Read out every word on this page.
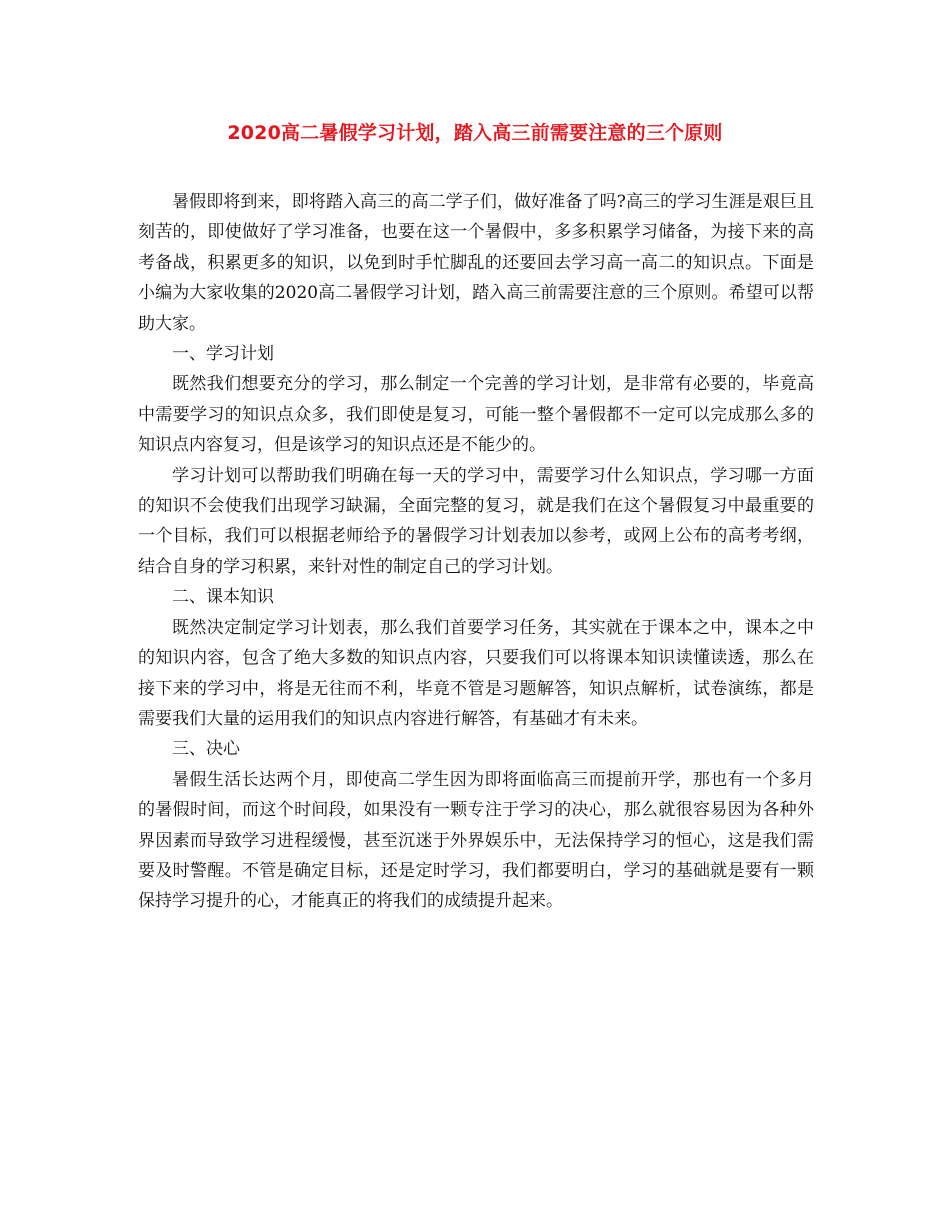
2020高二暑假学习计划，踏入高三前需要注意的三个原则

暑假即将到来，即将踏入高三的高二学子们，做好准备了吗?高三的学习生涯是艰巨且刻苦的，即使做好了学习准备，也要在这一个暑假中，多多积累学习储备，为接下来的高考备战，积累更多的知识，以免到时手忙脚乱的还要回去学习高一高二的知识点。下面是小编为大家收集的2020高二暑假学习计划，踏入高三前需要注意的三个原则。希望可以帮助大家。

一、学习计划

既然我们想要充分的学习，那么制定一个完善的学习计划，是非常有必要的，毕竟高中需要学习的知识点众多，我们即使是复习，可能一整个暑假都不一定可以完成那么多的知识点内容复习，但是该学习的知识点还是不能少的。

学习计划可以帮助我们明确在每一天的学习中，需要学习什么知识点，学习哪一方面的知识不会使我们出现学习缺漏，全面完整的复习，就是我们在这个暑假复习中最重要的一个目标，我们可以根据老师给予的暑假学习计划表加以参考，或网上公布的高考考纲，结合自身的学习积累，来针对性的制定自己的学习计划。

二、课本知识

既然决定制定学习计划表，那么我们首要学习任务，其实就在于课本之中，课本之中的知识内容，包含了绝大多数的知识点内容，只要我们可以将课本知识读懂读透，那么在接下来的学习中，将是无往而不利，毕竟不管是习题解答，知识点解析，试卷演练，都是需要我们大量的运用我们的知识点内容进行解答，有基础才有未来。

三、决心

暑假生活长达两个月，即使高二学生因为即将面临高三而提前开学，那也有一个多月的暑假时间，而这个时间段，如果没有一颗专注于学习的决心，那么就很容易因为各种外界因素而导致学习进程缓慢，甚至沉迷于外界娱乐中，无法保持学习的恒心，这是我们需要及时警醒。不管是确定目标，还是定时学习，我们都要明白，学习的基础就是要有一颗保持学习提升的心，才能真正的将我们的成绩提升起来。
